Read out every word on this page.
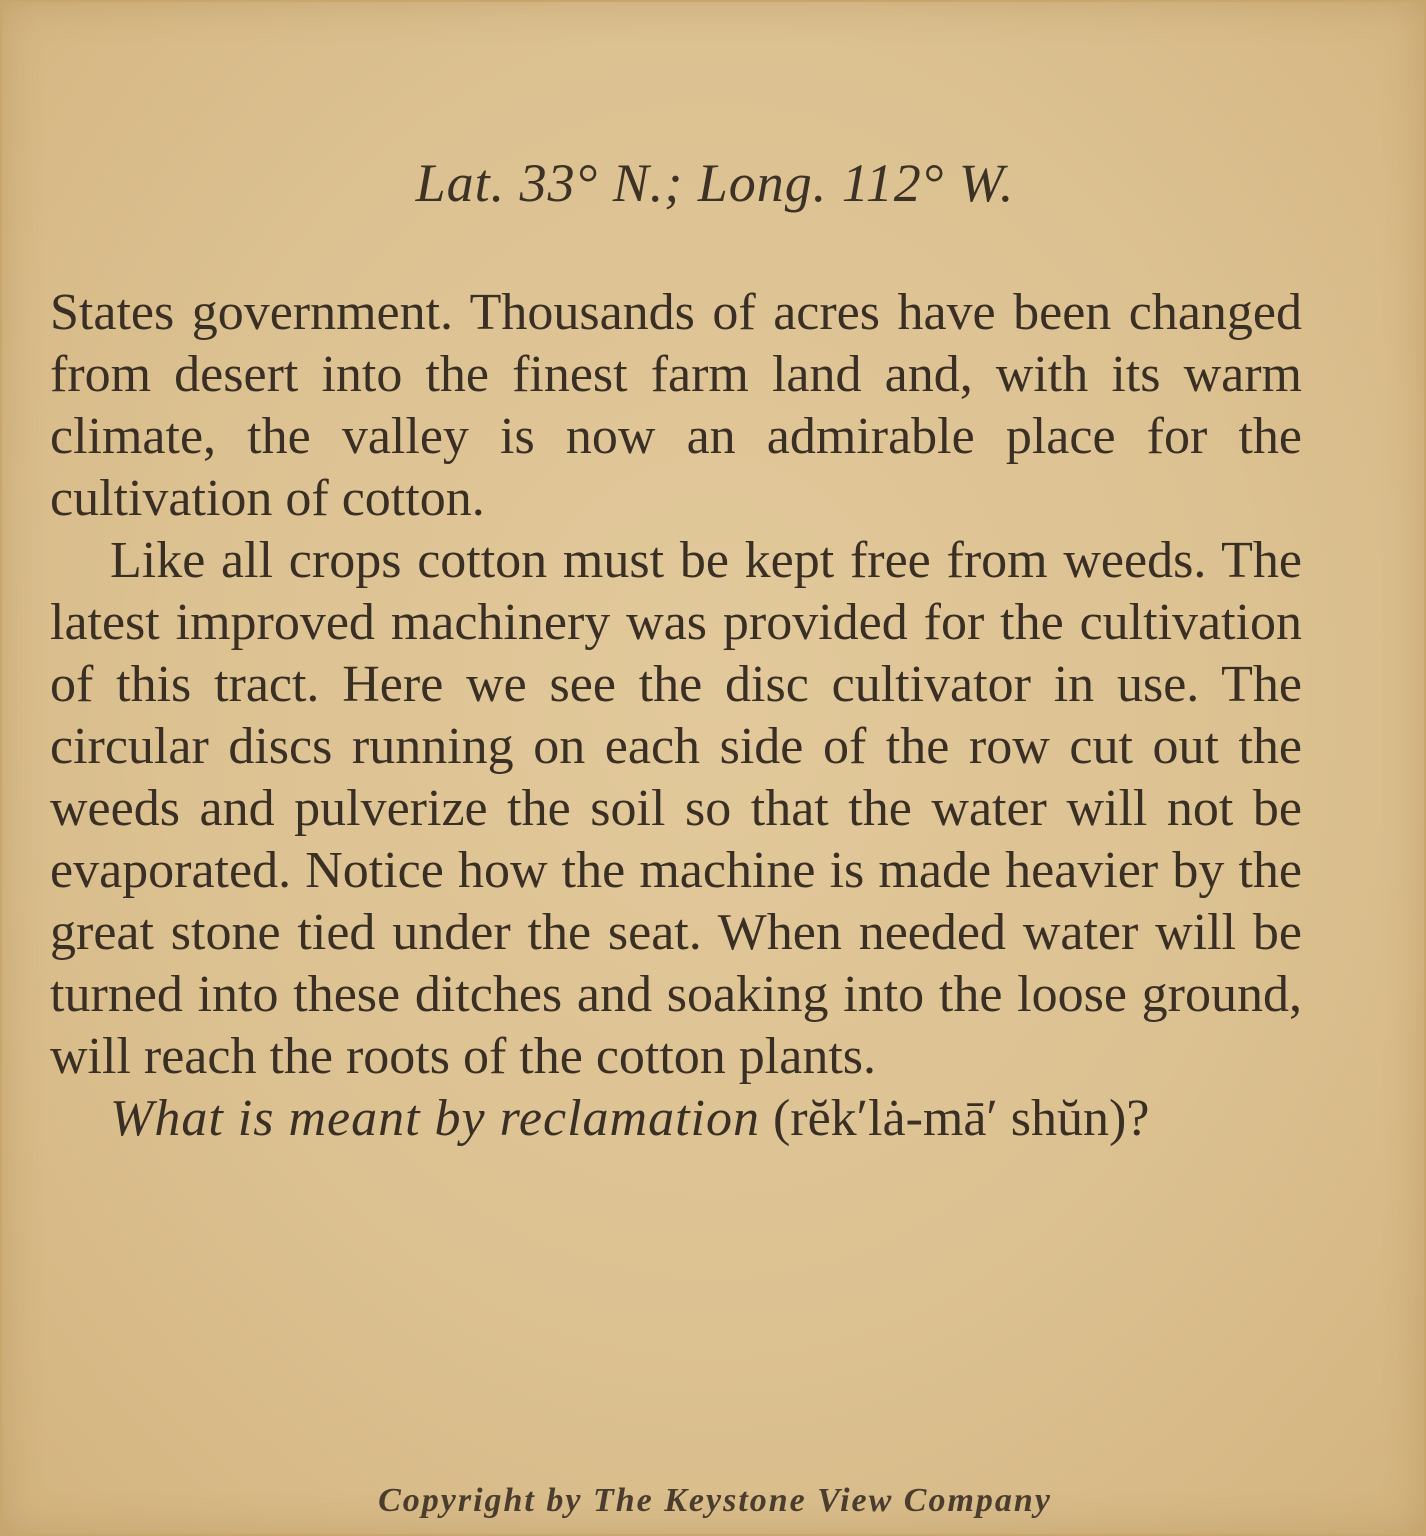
Lat. 33° N.; Long. 112° W.

States government. Thousands of acres have been changed from desert into the finest farm land and, with its warm climate, the valley is now an admirable place for the cultivation of cotton.

Like all crops cotton must be kept free from weeds. The latest improved machinery was provided for the cultivation of this tract. Here we see the disc cultivator in use. The circular discs running on each side of the row cut out the weeds and pulverize the soil so that the water will not be evaporated. Notice how the machine is made heavier by the great stone tied under the seat. When needed water will be turned into these ditches and soaking into the loose ground, will reach the roots of the cotton plants.

What is meant by reclamation (rĕk′lȧ-mā′ shŭn)?

Copyright by The Keystone View Company
